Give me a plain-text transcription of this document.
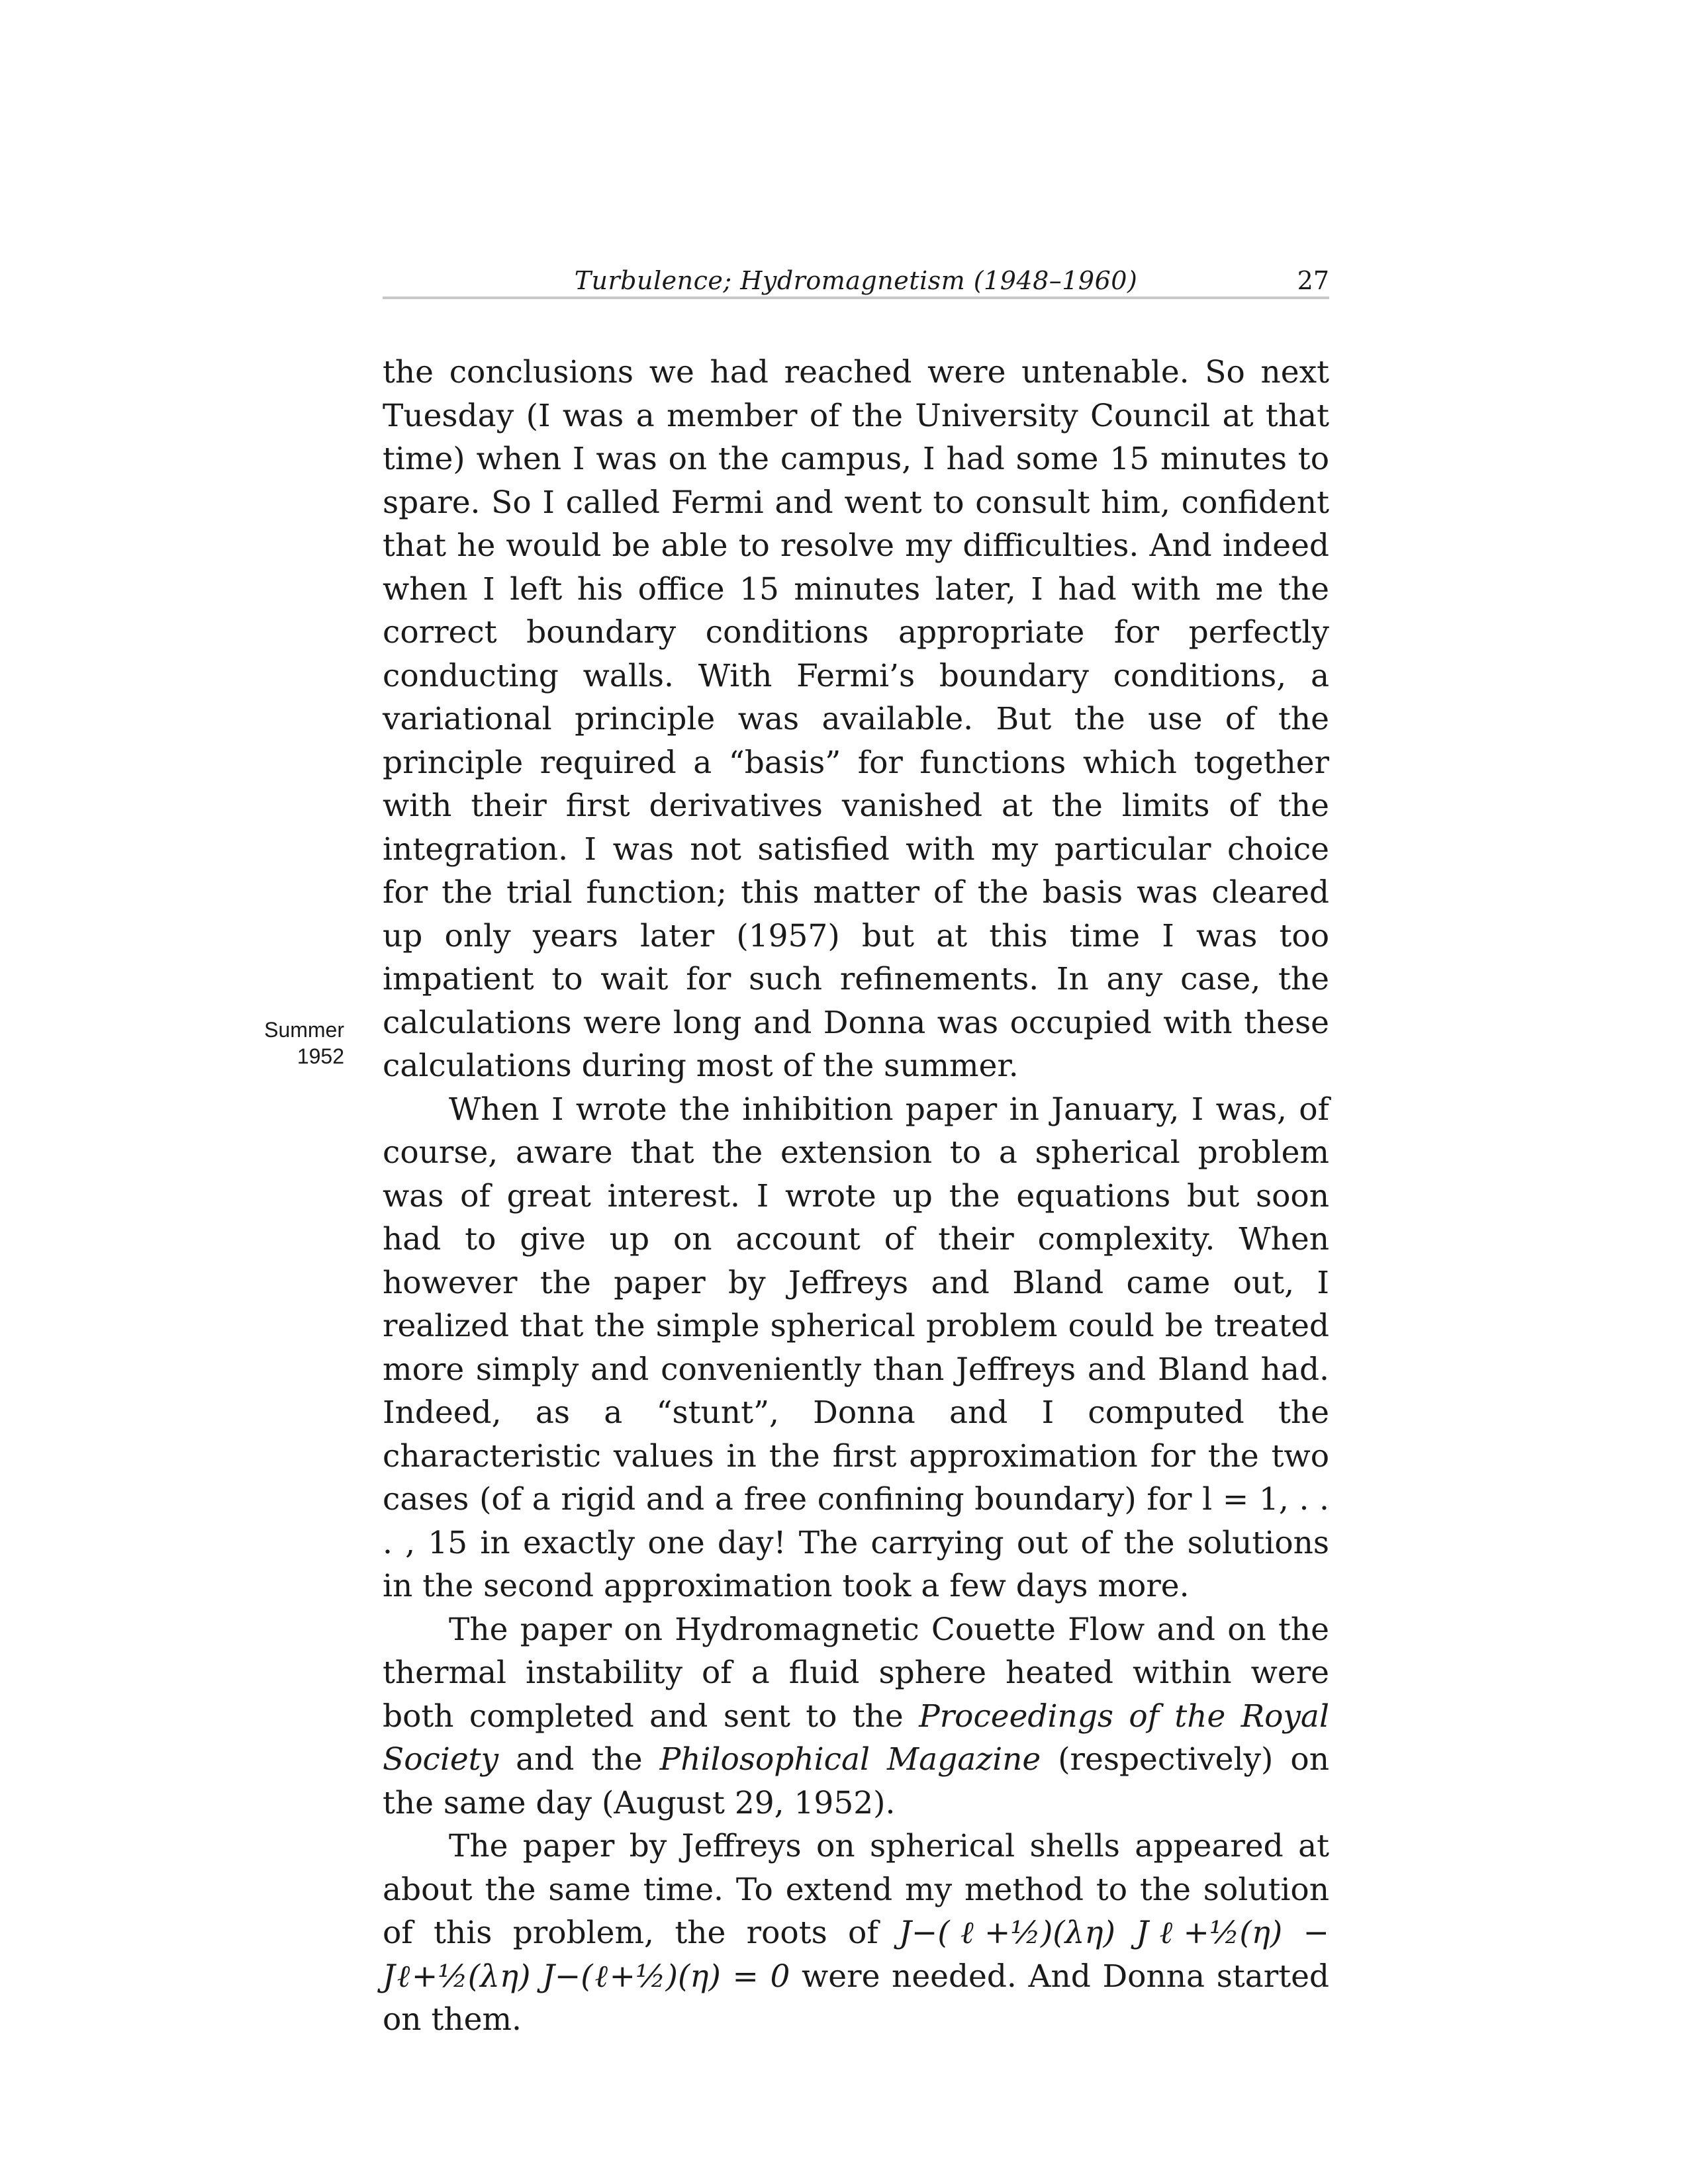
Turbulence; Hydromagnetism (1948–1960)	27
Summer
1952

the conclusions we had reached were untenable. So next Tuesday (I was a member of the University Council at that time) when I was on the campus, I had some 15 minutes to spare. So I called Fermi and went to consult him, confident that he would be able to resolve my difficulties. And indeed when I left his office 15 minutes later, I had with me the correct boundary conditions appropriate for perfectly conducting walls. With Fermi’s boundary conditions, a variational principle was available. But the use of the principle required a “basis” for functions which together with their first derivatives vanished at the limits of the integration. I was not satisfied with my particular choice for the trial function; this matter of the basis was cleared up only years later (1957) but at this time I was too impatient to wait for such refinements. In any case, the calculations were long and Donna was occupied with these calculations during most of the summer.

When I wrote the inhibition paper in January, I was, of course, aware that the extension to a spherical problem was of great interest. I wrote up the equations but soon had to give up on account of their complexity. When however the paper by Jeffreys and Bland came out, I realized that the simple spherical problem could be treated more simply and conveniently than Jeffreys and Bland had. Indeed, as a “stunt”, Donna and I computed the characteristic values in the first approximation for the two cases (of a rigid and a free confining boundary) for l = 1, . . . , 15 in exactly one day! The carrying out of the solutions in the second approximation took a few days more.

The paper on Hydromagnetic Couette Flow and on the thermal instability of a fluid sphere heated within were both completed and sent to the Proceedings of the Royal Society and the Philosophical Magazine (respectively) on the same day (August 29, 1952).

The paper by Jeffreys on spherical shells appeared at about the same time. To extend my method to the solution of this problem, the roots of J−(ℓ+½)(λη) Jℓ+½(η) − Jℓ+½(λη) J−(ℓ+½)(η) = 0 were needed. And Donna started on them.
